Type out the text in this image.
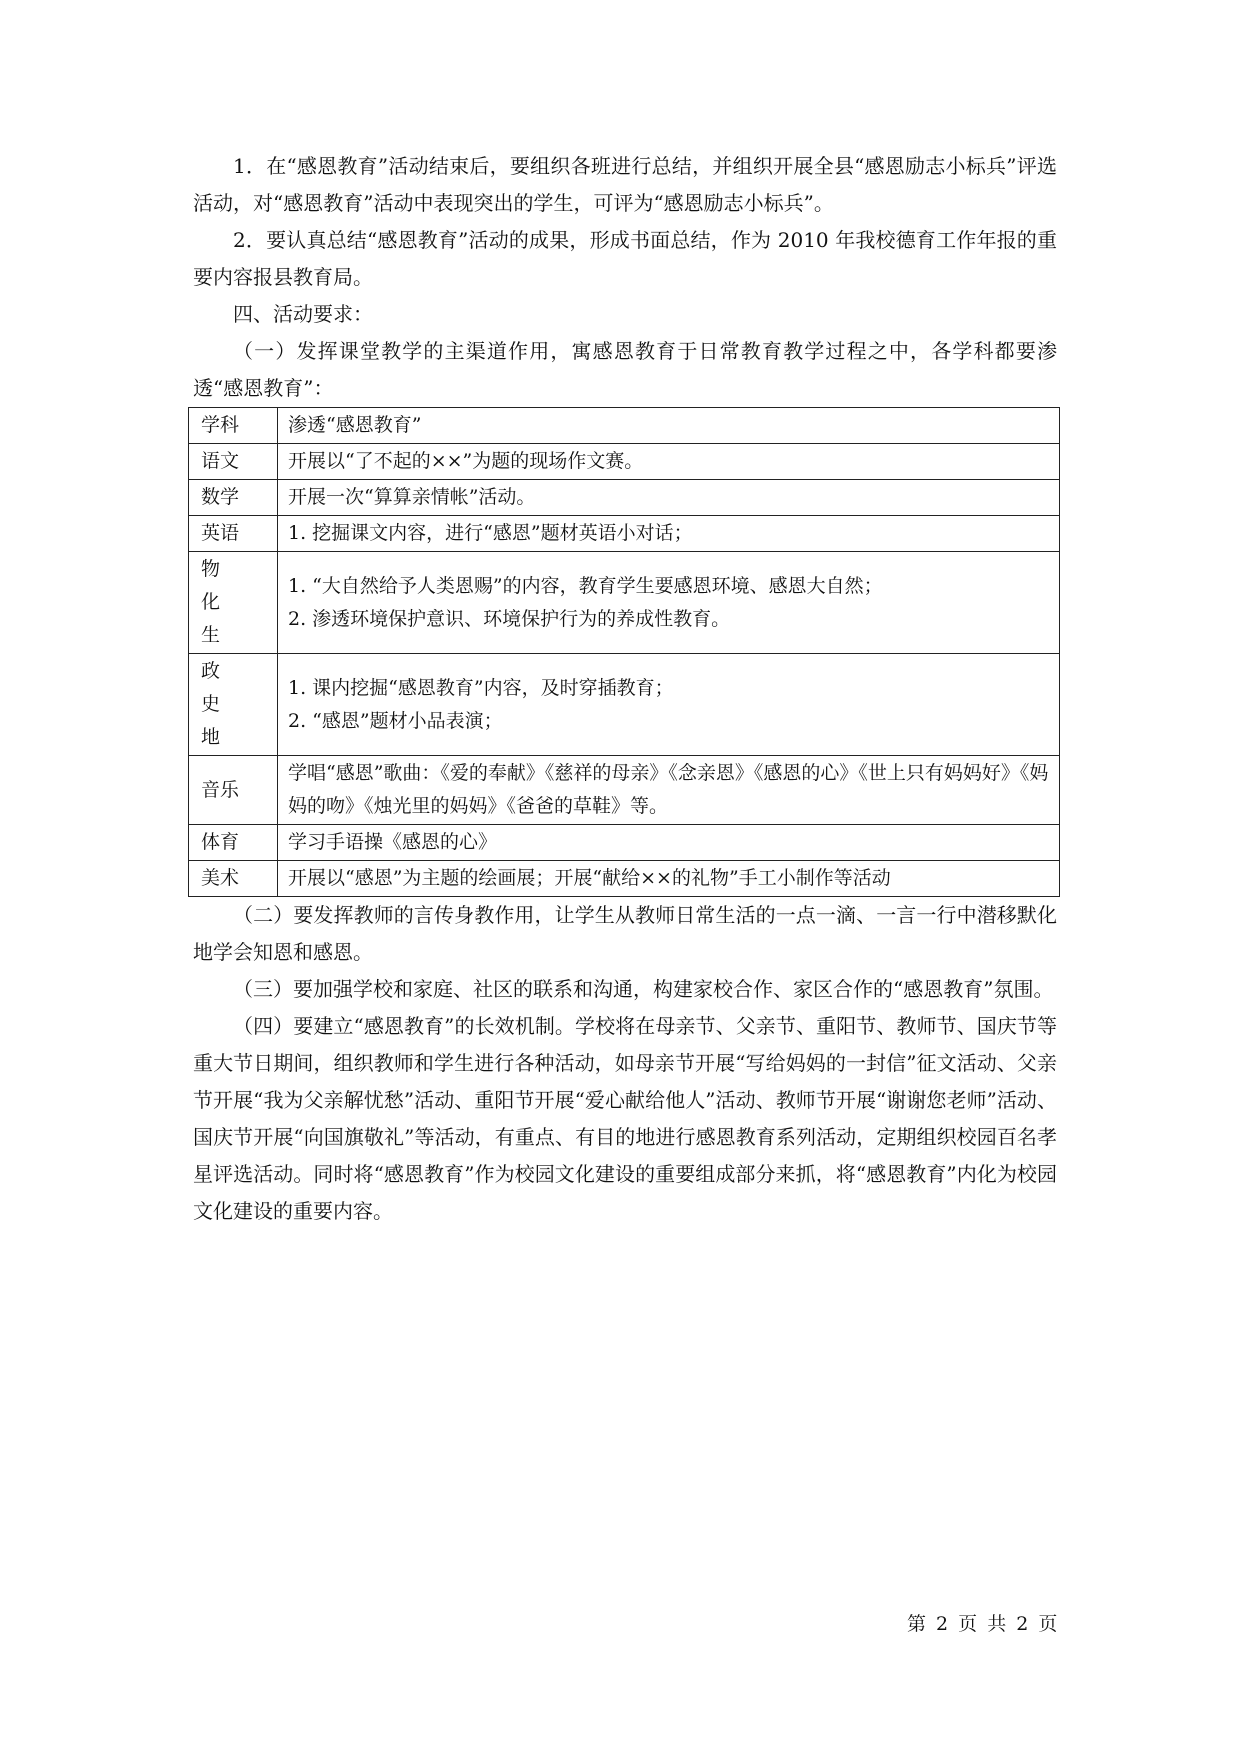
1．在“感恩教育”活动结束后，要组织各班进行总结，并组织开展全县“感恩励志小标兵”评选活动，对“感恩教育”活动中表现突出的学生，可评为“感恩励志小标兵”。

2．要认真总结“感恩教育”活动的成果，形成书面总结，作为 2010 年我校德育工作年报的重要内容报县教育局。

四、活动要求：

（一）发挥课堂教学的主渠道作用，寓感恩教育于日常教育教学过程之中，各学科都要渗透“感恩教育”：

学科	渗透“感恩教育”
语文	开展以“了不起的××”为题的现场作文赛。

数学	开展一次“算算亲情帐”活动。

英语	1. 挖掘课文内容，进行“感恩”题材英语小对话；

物化生	1. “大自然给予人类恩赐”的内容，教育学生要感恩环境、感恩大自然；
2. 渗透环境保护意识、环境保护行为的养成性教育。

政史地	1. 课内挖掘“感恩教育”内容，及时穿插教育；
2. “感恩”题材小品表演；

音乐	学唱“感恩”歌曲：《爱的奉献》《慈祥的母亲》《念亲恩》《感恩的心》《世上只有妈妈好》《妈妈的吻》《烛光里的妈妈》《爸爸的草鞋》等。

体育	学习手语操《感恩的心》

美术	开展以“感恩”为主题的绘画展；开展“献给××的礼物”手工小制作等活动

（二）要发挥教师的言传身教作用，让学生从教师日常生活的一点一滴、一言一行中潜移默化地学会知恩和感恩。

（三）要加强学校和家庭、社区的联系和沟通，构建家校合作、家区合作的“感恩教育”氛围。

（四）要建立“感恩教育”的长效机制。学校将在母亲节、父亲节、重阳节、教师节、国庆节等重大节日期间，组织教师和学生进行各种活动，如母亲节开展“写给妈妈的一封信”征文活动、父亲节开展“我为父亲解忧愁”活动、重阳节开展“爱心献给他人”活动、教师节开展“谢谢您老师”活动、国庆节开展“向国旗敬礼”等活动，有重点、有目的地进行感恩教育系列活动，定期组织校园百名孝星评选活动。同时将“感恩教育”作为校园文化建设的重要组成部分来抓，将“感恩教育”内化为校园文化建设的重要内容。

第 2 页 共 2 页
